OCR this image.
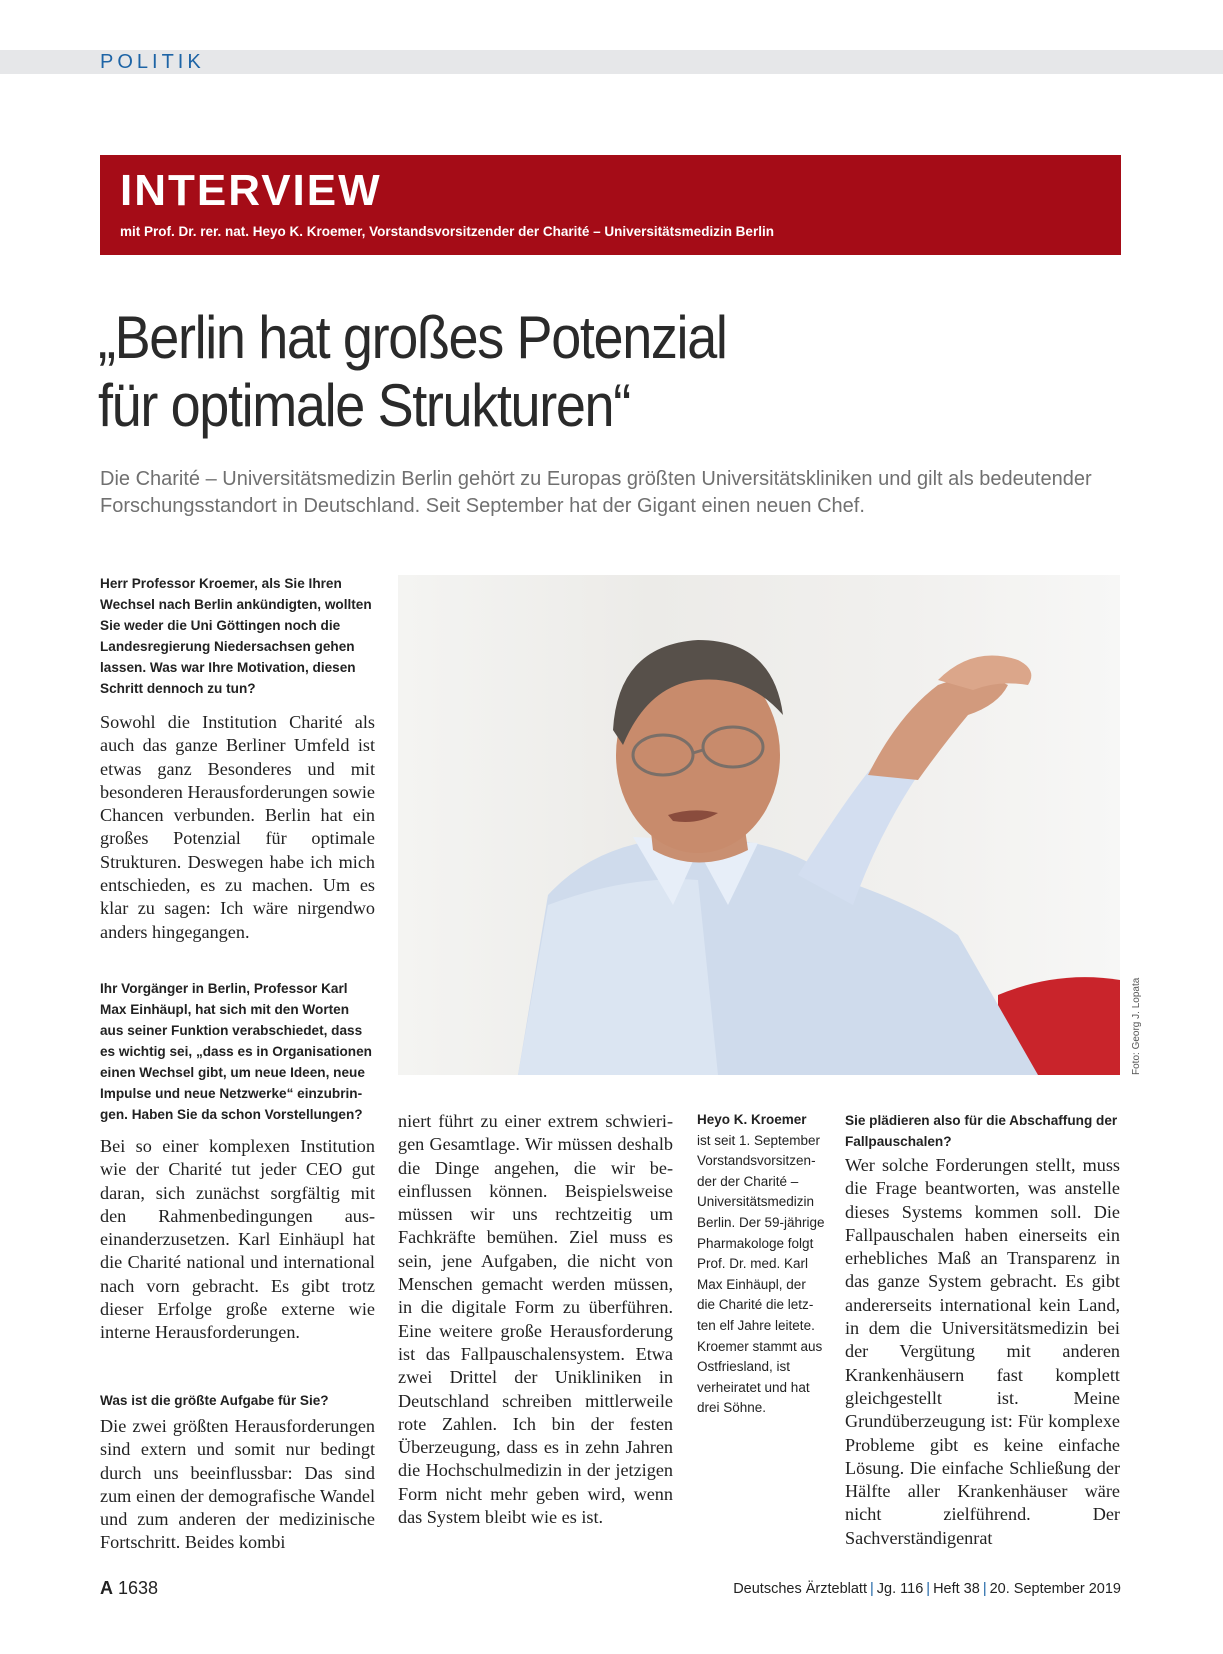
POLITIK
INTERVIEW
mit Prof. Dr. rer. nat. Heyo K. Kroemer, Vorstandsvorsitzender der Charité – Universitätsmedizin Berlin
„Berlin hat großes Potenzial
für optimale Strukturen“
Die Charité – Universitätsmedizin Berlin gehört zu Europas größten Universitätskliniken und gilt als bedeutender Forschungsstandort in Deutschland. Seit September hat der Gigant einen neuen Chef.
Foto: Georg J. Lopata

Herr Professor Kroemer, als Sie Ihren Wechsel nach Berlin ankündigten, wollten Sie weder die Uni Göttingen noch die Landesregierung Niedersachsen gehen lassen. Was war Ihre Motivation, diesen Schritt dennoch zu tun?

Sowohl die Institution Charité als auch das ganze Berliner Umfeld ist etwas ganz Besonderes und mit besonderen Herausforderungen sowie Chancen verbunden. Berlin hat ein großes Potenzial für optimale Strukturen. Deswegen habe ich mich entschieden, es zu machen. Um es klar zu sagen: Ich wäre nirgendwo anders hingegangen.

Ihr Vorgänger in Berlin, Professor Karl Max Einhäupl, hat sich mit den Worten aus seiner Funktion verabschiedet, dass es wichtig sei, „dass es in Organisationen einen Wechsel gibt, um neue Ideen, neue Impulse und neue Netzwerke“ einzubringen. Haben Sie da schon Vorstellungen?

Bei so einer komplexen Institution wie der Charité tut jeder CEO gut daran, sich zunächst sorgfältig mit den Rahmenbedingungen auseinanderzusetzen. Karl Einhäupl hat die Charité national und international nach vorn gebracht. Es gibt trotz dieser Erfolge große externe wie interne Herausforderungen.

Was ist die größte Aufgabe für Sie?

Die zwei größten Herausforderungen sind extern und somit nur bedingt durch uns beeinflussbar: Das sind zum einen der demografische Wandel und zum anderen der medizinische Fortschritt. Beides kombi

niert führt zu einer extrem schwierigen Gesamtlage. Wir müssen deshalb die Dinge angehen, die wir beeinflussen können. Beispielsweise müssen wir uns rechtzeitig um Fachkräfte bemühen. Ziel muss es sein, jene Aufgaben, die nicht von Menschen gemacht werden müssen, in die digitale Form zu überführen. Eine weitere große Herausforderung ist das Fallpauschalensystem. Etwa zwei Drittel der Unikliniken in Deutschland schreiben mittlerweile rote Zahlen. Ich bin der festen Überzeugung, dass es in zehn Jahren die Hochschulmedizin in der jetzigen Form nicht mehr geben wird, wenn das System bleibt wie es ist.

Heyo K. Kroemer
ist seit 1. September Vorstandsvorsitzender der Charité – Universitätsmedizin Berlin. Der 59-jährige Pharmakologe folgt Prof. Dr. med. Karl Max Einhäupl, der die Charité die letzten elf Jahre leitete. Kroemer stammt aus Ostfriesland, ist verheiratet und hat drei Söhne.

Sie plädieren also für die Abschaffung der Fallpauschalen?

Wer solche Forderungen stellt, muss die Frage beantworten, was anstelle dieses Systems kommen soll. Die Fallpauschalen haben einerseits ein erhebliches Maß an Transparenz in das ganze System gebracht. Es gibt andererseits international kein Land, in dem die Universitätsmedizin bei der Vergütung mit anderen Krankenhäusern fast komplett gleichgestellt ist. Meine Grundüberzeugung ist: Für komplexe Probleme gibt es keine einfache Lösung. Die einfache Schließung der Hälfte aller Krankenhäuser wäre nicht zielführend. Der Sachverständigenrat

A 1638	Deutsches Ärzteblatt | Jg. 116 | Heft 38 | 20. September 2019
